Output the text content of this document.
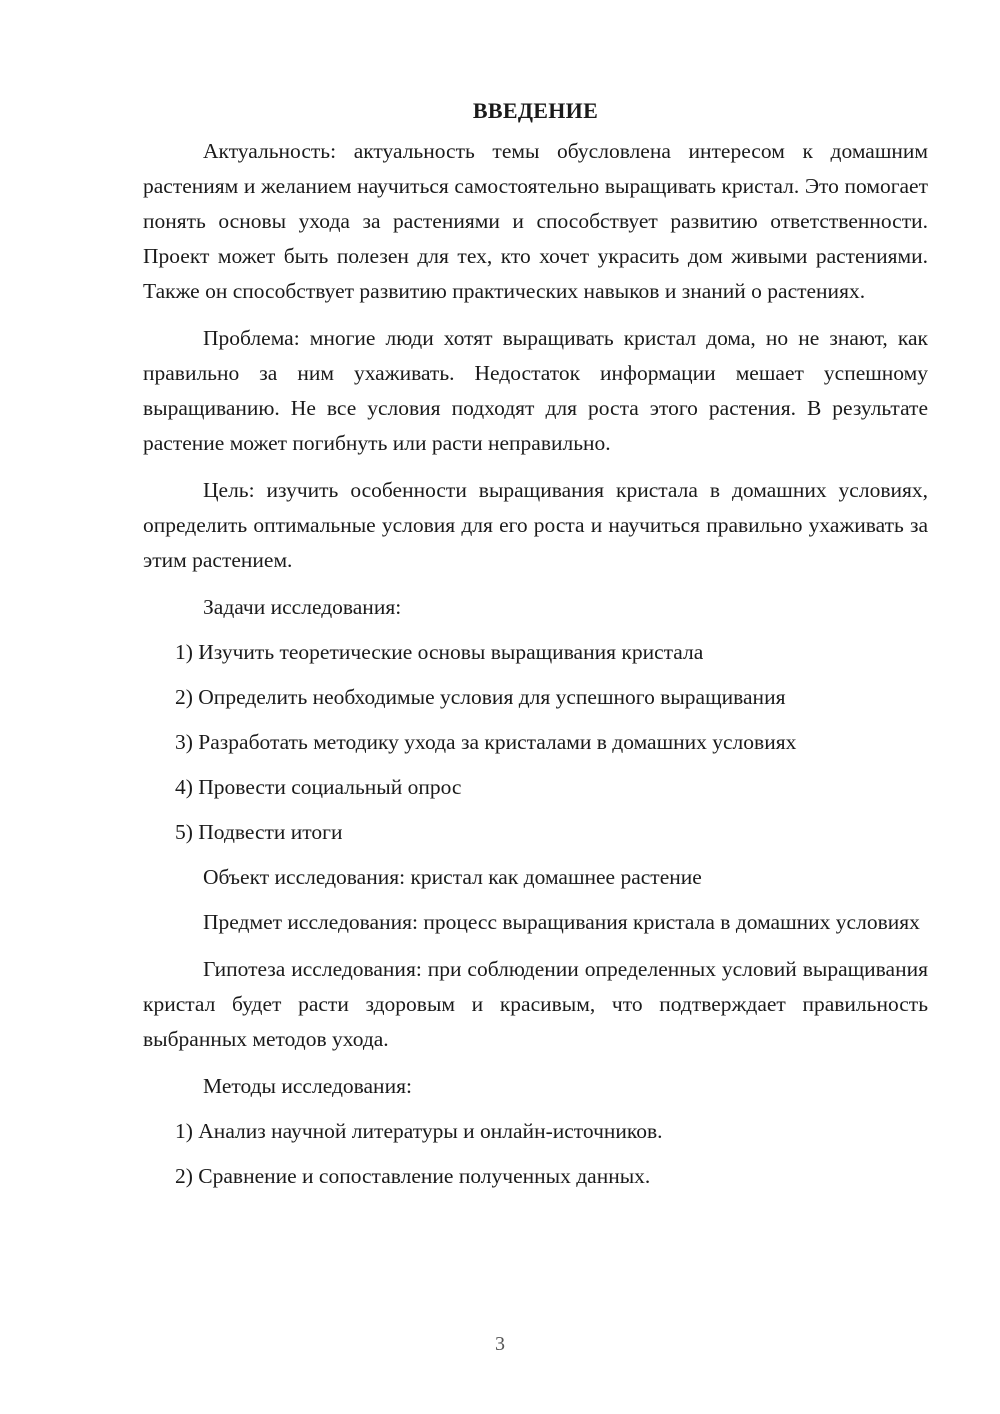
ВВЕДЕНИЕ

Актуальность: актуальность темы обусловлена интересом к домашним растениям и желанием научиться самостоятельно выращивать кристал. Это помогает понять основы ухода за растениями и способствует развитию ответственности. Проект может быть полезен для тех, кто хочет украсить дом живыми растениями. Также он способствует развитию практических навыков и знаний о растениях.

Проблема: многие люди хотят выращивать кристал дома, но не знают, как правильно за ним ухаживать. Недостаток информации мешает успешному выращиванию. Не все условия подходят для роста этого растения. В результате растение может погибнуть или расти неправильно.

Цель: изучить особенности выращивания кристала в домашних условиях, определить оптимальные условия для его роста и научиться правильно ухаживать за этим растением.

Задачи исследования:
1) Изучить теоретические основы выращивания кристала
2) Определить необходимые условия для успешного выращивания
3) Разработать методику ухода за кристалами в домашних условиях
4) Провести социальный опрос
5) Подвести итоги
Объект исследования: кристал как домашнее растение

Предмет исследования: процесс выращивания кристала в домашних условиях

Гипотеза исследования: при соблюдении определенных условий выращивания кристал будет расти здоровым и красивым, что подтверждает правильность выбранных методов ухода.

Методы исследования:
1) Анализ научной литературы и онлайн-источников.
2) Сравнение и сопоставление полученных данных.
3
